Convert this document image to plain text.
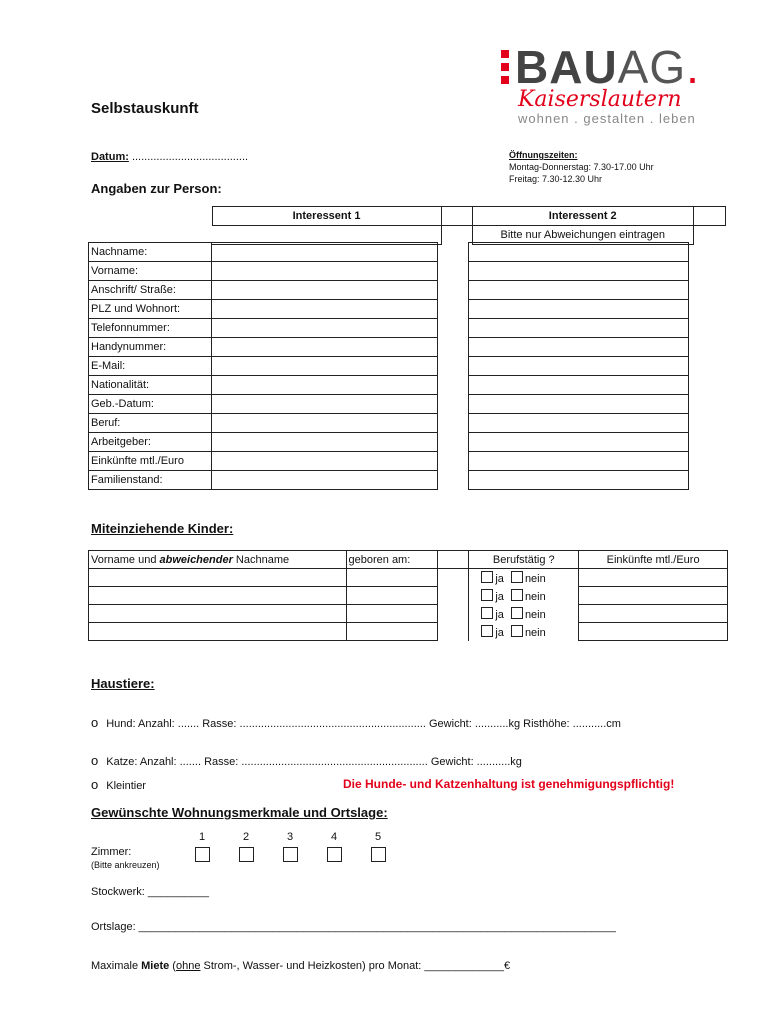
Selbstauskunft
BAUAG.
Kaiserslautern
wohnen . gestalten . leben
Datum: ......................................	Öffnungszeiten:
Montag-Donnerstag: 7.30-17.00 Uhr
Freitag: 7.30-12.30 Uhr
Angaben zur Person:
	Interessent 1		Interessent 2	
			Bitte nur Abweichungen eintragen	
Nachname:			
Vorname:			
Anschrift/ Straße:			
PLZ und Wohnort:			
Telefonnummer:			
Handynummer:			
E-Mail:			
Nationalität:			
Geb.-Datum:			
Beruf:			
Arbeitgeber:			
Einkünfte mtl./Euro			
Familienstand:			
Miteinziehende Kinder:
Vorname und abweichender Nachname	geboren am:		Berufstätig ?	Einkünfte mtl./Euro
			ja nein	
			ja nein	
			ja nein	
			ja nein	
Haustiere:
o Hund: Anzahl: ....... Rasse: ............................................................. Gewicht: ...........kg Risthöhe: ...........cm
o Katze: Anzahl: ....... Rasse: ............................................................. Gewicht: ...........kg
o Kleintier	Die Hunde- und Katzenhaltung ist genehmigungspflichtig!
Gewünschte Wohnungsmerkmale und Ortslage:
1	2	3	4	5
Zimmer:
(Bitte ankreuzen)
Stockwerk: __________
Ortslage: ______________________________________________________________________________
Maximale Miete (ohne Strom-, Wasser- und Heizkosten) pro Monat: _____________€
